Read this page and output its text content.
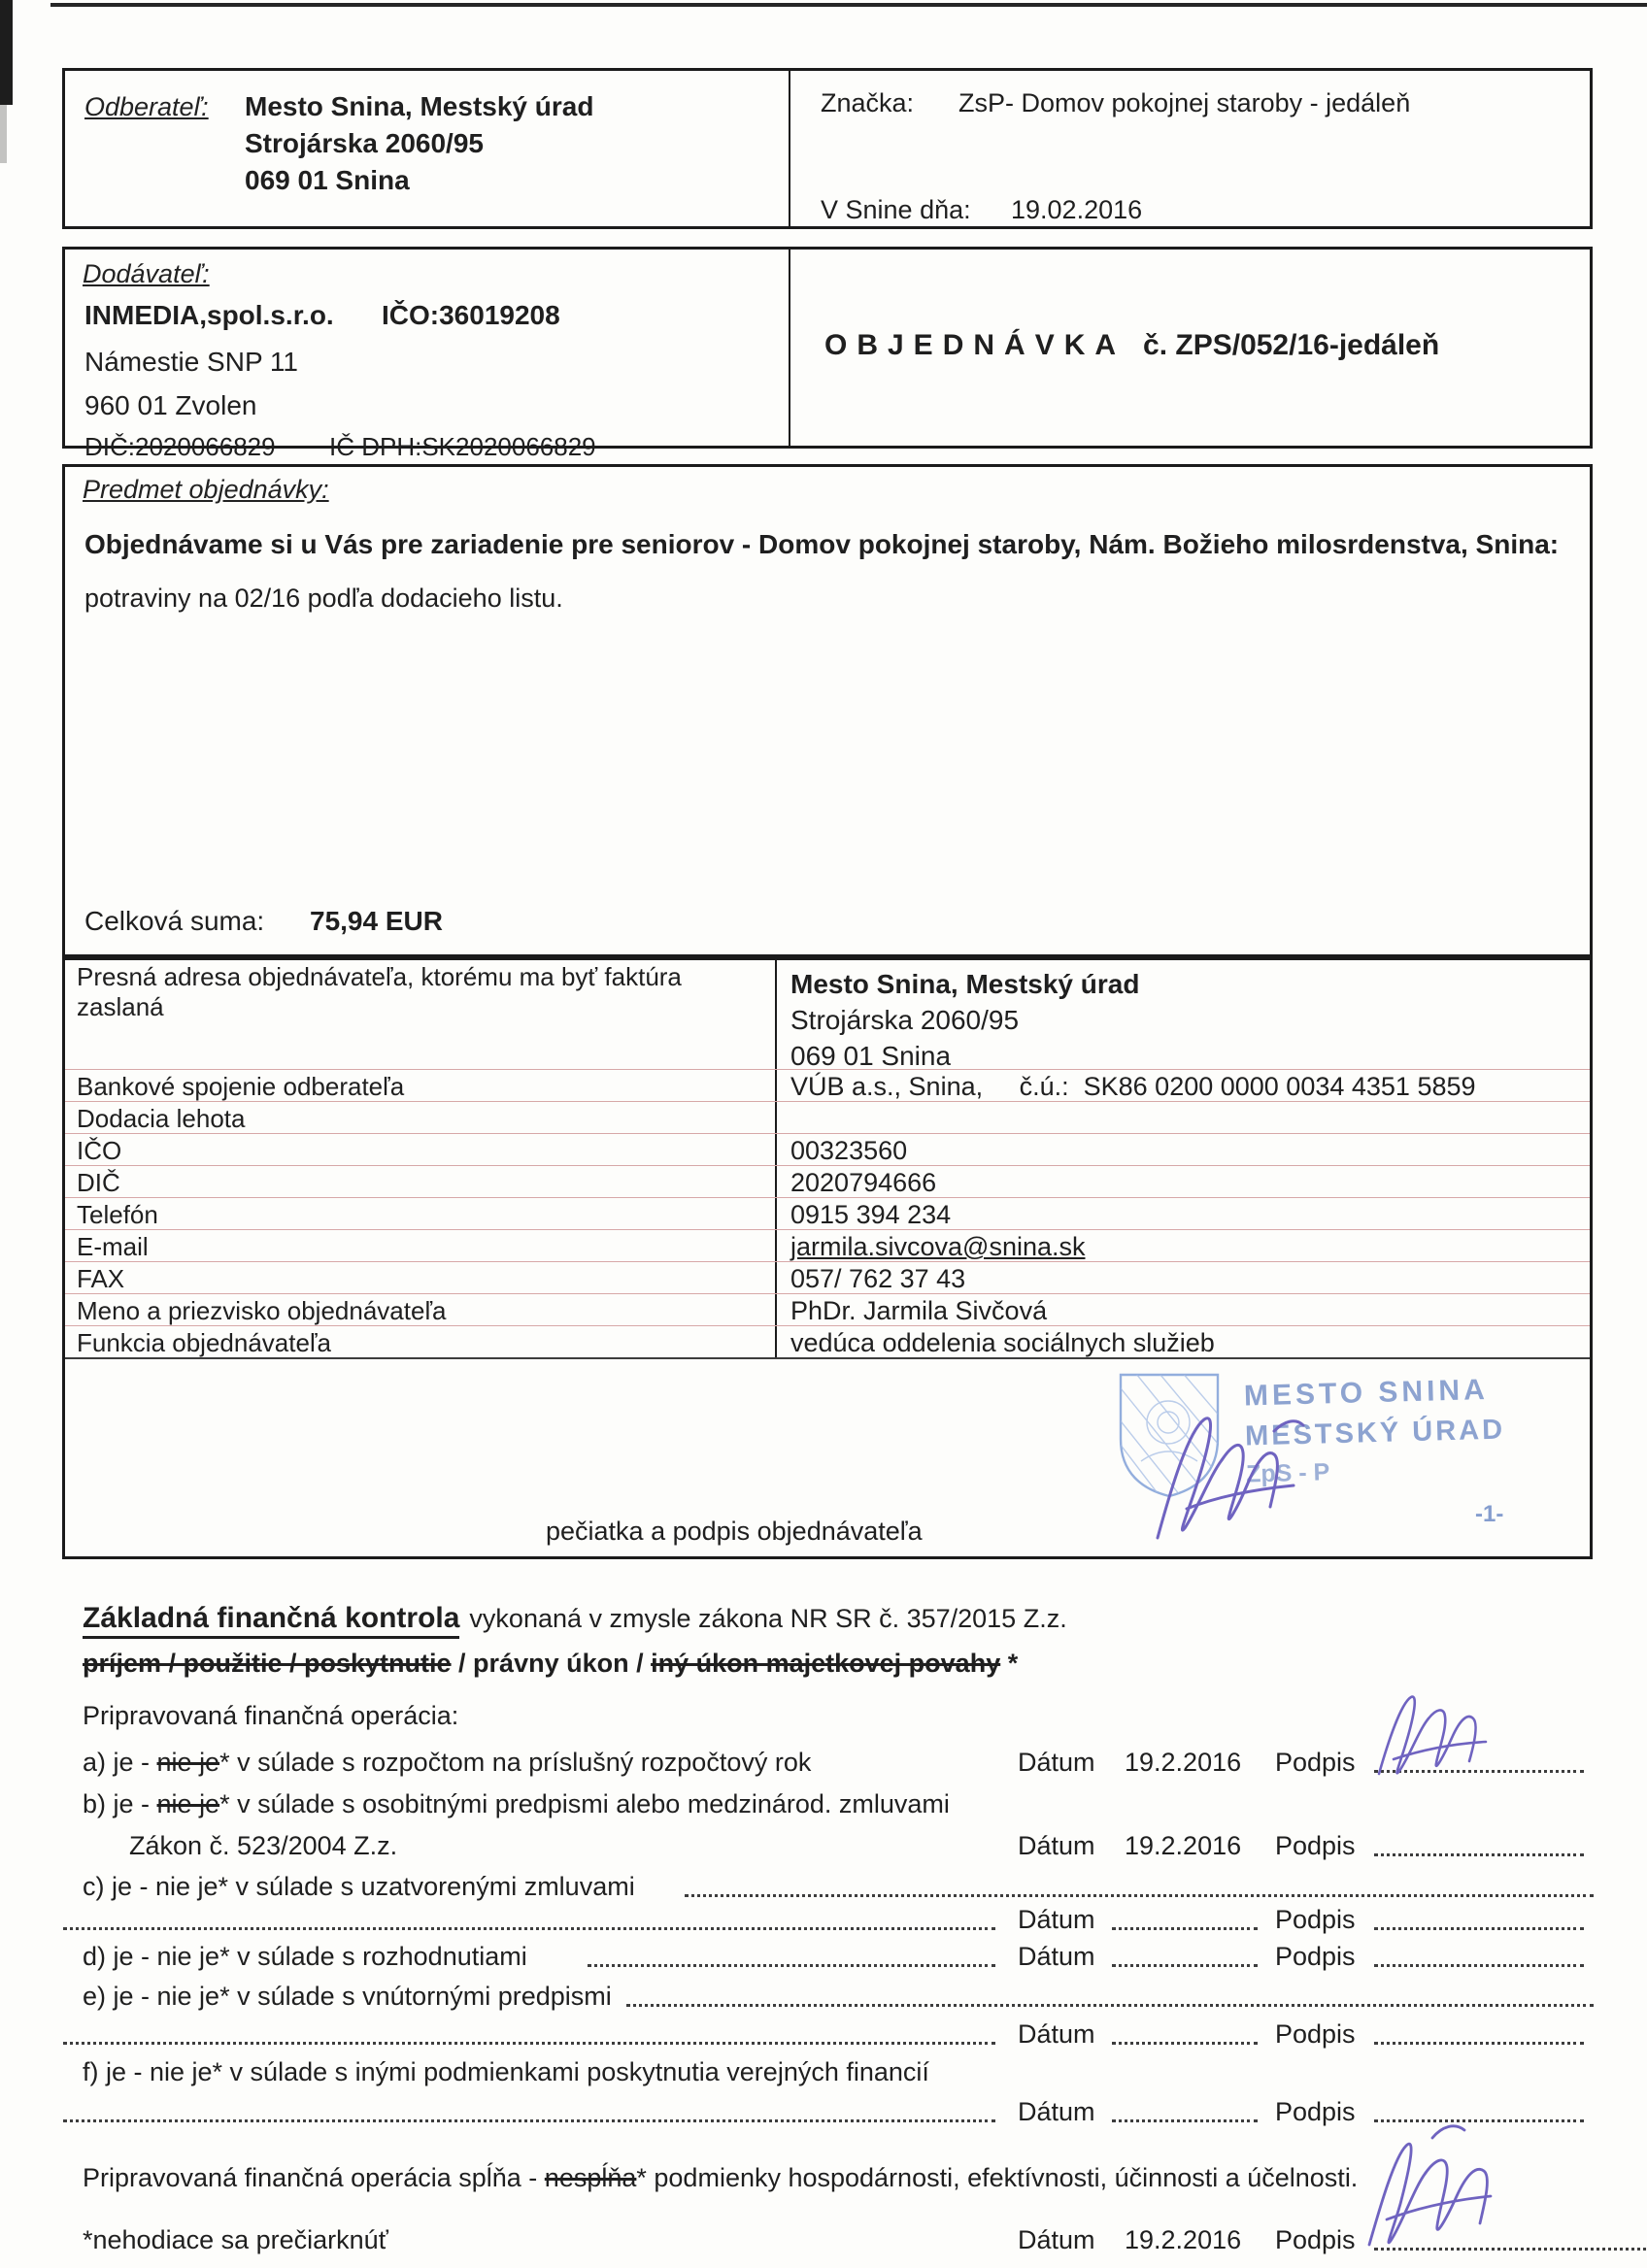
Odberateľ: Mesto Snina, Mestský úrad
Strojárska 2060/95
069 01 Snina
Značka: ZsP- Domov pokojnej staroby - jedáleň
V Snine dňa: 19.02.2016
Dodávateľ:
INMEDIA,spol.s.r.o. IČO:36019208
Námestie SNP 11
960 01 Zvolen
DIČ:2020066829 IČ DPH:SK2020066829
OBJEDNÁVKA č. ZPS/052/16-jedáleň
Predmet objednávky:
Objednávame si u Vás pre zariadenie pre seniorov - Domov pokojnej staroby, Nám. Božieho milosrdenstva, Snina:
potraviny na 02/16 podľa dodacieho listu.
Celková suma: 75,94 EUR
Presná adresa objednávateľa, ktorému ma byť faktúra zaslaná
Mesto Snina, Mestský úrad
Strojárska 2060/95
069 01 Snina
Bankové spojenie odberateľa	VÚB a.s., Snina,     č.ú.:  SK86 0200 0000 0034 4351 5859
Dodacia lehota
IČO	00323560
DIČ	2020794666
Telefón	0915 394 234
E-mail	jarmila.sivcova@snina.sk
FAX	057/ 762 37 43
Meno a priezvisko objednávateľa	PhDr. Jarmila Sivčová
Funkcia objednávateľa	vedúca oddelenia sociálnych služieb
pečiatka a podpis objednávateľa
MESTO SNINA
MESTSKÝ ÚRAD
ZpS - P
-1-
Základná finančná kontrola vykonaná v zmysle zákona NR SR č. 357/2015 Z.z.
príjem / použitie / poskytnutie / právny úkon / iný úkon majetkovej povahy *
Pripravovaná finančná operácia:
a) je - nie je* v súlade s rozpočtom na príslušný rozpočtový rok	Dátum 19.2.2016 Podpis
b) je - nie je* v súlade s osobitnými predpismi alebo medzinárod. zmluvami
Zákon č. 523/2004 Z.z.	Dátum 19.2.2016 Podpis
c) je - nie je* v súlade s uzatvorenými zmluvami
Dátum	Podpis
d) je - nie je* v súlade s rozhodnutiami	Dátum	Podpis
e) je - nie je* v súlade s vnútornými predpismi
Dátum	Podpis
f) je - nie je* v súlade s inými podmienkami poskytnutia verejných financií
Dátum	Podpis
Pripravovaná finančná operácia spĺňa - nespĺňa* podmienky hospodárnosti, efektívnosti, účinnosti a účelnosti.
*nehodiace sa prečiarknúť	Dátum 19.2.2016 Podpis
